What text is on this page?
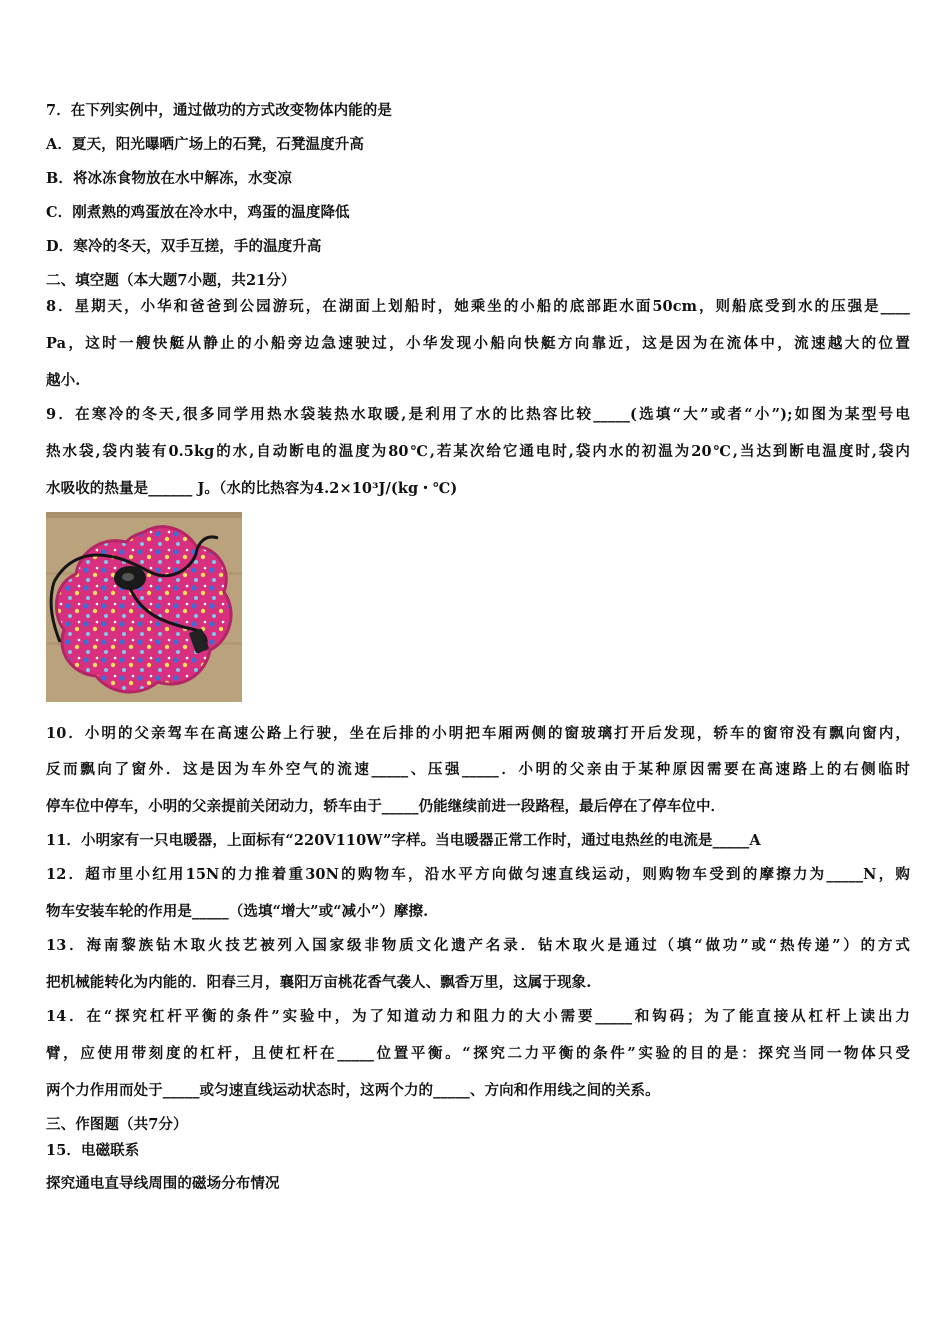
7．在下列实例中，通过做功的方式改变物体内能的是
A．夏天，阳光曝晒广场上的石凳，石凳温度升高
B．将冰冻食物放在水中解冻，水变凉
C．刚煮熟的鸡蛋放在冷水中，鸡蛋的温度降低
D．寒冷的冬天，双手互搓，手的温度升高
二、填空题（本大题7小题，共21分）
8．星期天，小华和爸爸到公园游玩，在湖面上划船时，她乘坐的小船的底部距水面50cm，则船底受到水的压强是____
Pa，这时一艘快艇从静止的小船旁边急速驶过，小华发现小船向快艇方向靠近，这是因为在流体中，流速越大的位置
越小.
9．在寒冷的冬天,很多同学用热水袋装热水取暖,是利用了水的比热容比较_____(选填“大”或者“小”);如图为某型号电
热水袋,袋内装有0.5kg的水,自动断电的温度为80℃,若某次给它通电时,袋内水的初温为20℃,当达到断电温度时,袋内
水吸收的热量是______ J。（水的比热容为4.2×10³J/(kg・℃)
10．小明的父亲驾车在高速公路上行驶，坐在后排的小明把车厢两侧的窗玻璃打开后发现，轿车的窗帘没有飘向窗内，
反而飘向了窗外．这是因为车外空气的流速_____、压强_____．小明的父亲由于某种原因需要在高速路上的右侧临时
停车位中停车，小明的父亲提前关闭动力，轿车由于_____仍能继续前进一段路程，最后停在了停车位中．
11．小明家有一只电暖器，上面标有“220V110W”字样。当电暖器正常工作时，通过电热丝的电流是_____A
12．超市里小红用15N的力推着重30N的购物车，沿水平方向做匀速直线运动，则购物车受到的摩擦力为_____N，购
物车安装车轮的作用是_____（选填“增大”或“减小”）摩擦.
13．海南黎族钻木取火技艺被列入国家级非物质文化遗产名录．钻木取火是通过（填“做功”或“热传递”）的方式
把机械能转化为内能的．阳春三月，襄阳万亩桃花香气袭人、飘香万里，这属于现象.
14．在“探究杠杆平衡的条件”实验中，为了知道动力和阻力的大小需要_____和钩码；为了能直接从杠杆上读出力
臂，应使用带刻度的杠杆，且使杠杆在_____位置平衡。“探究二力平衡的条件”实验的目的是：探究当同一物体只受
两个力作用而处于_____或匀速直线运动状态时，这两个力的_____、方向和作用线之间的关系。
三、作图题（共7分）
15．电磁联系
探究通电直导线周围的磁场分布情况
